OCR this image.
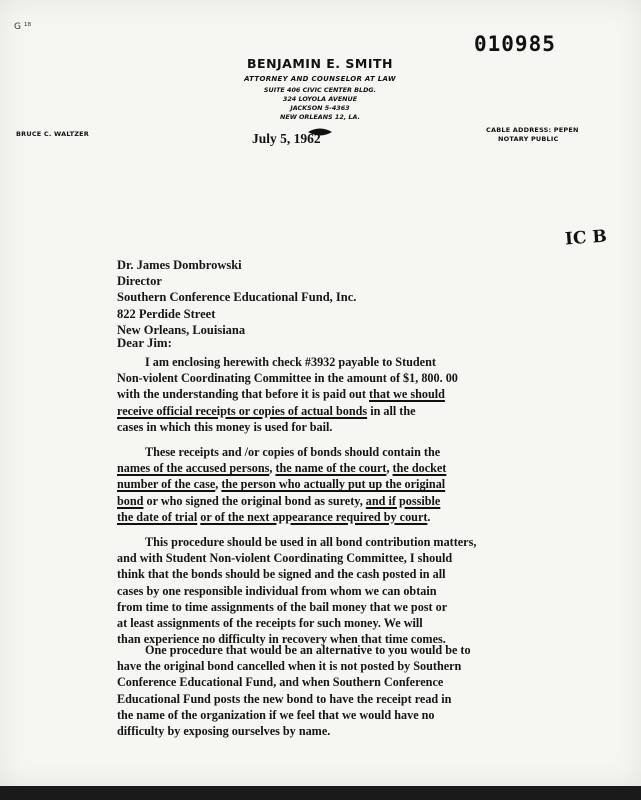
G ¹⁸
010985
BENJAMIN E. SMITH
ATTORNEY AND COUNSELOR AT LAW
SUITE 406 CIVIC CENTER BLDG.
324 LOYOLA AVENUE
JACKSON 5-4363
NEW ORLEANS 12, LA.
BRUCE C. WALTZER	CABLE ADDRESS: PEPEN
NOTARY PUBLIC
July 5, 1962
IC B
Dr. James Dombrowski
Director
Southern Conference Educational Fund, Inc.
822 Perdide Street
New Orleans, Louisiana
Dear Jim:
I am enclosing herewith check #3932 payable to Student
Non-violent Coordinating Committee in the amount of $1, 800. 00
with the understanding that before it is paid out that we should
receive official receipts or copies of actual bonds in all the
cases in which this money is used for bail.
These receipts and /or copies of bonds should contain the
names of the accused persons, the name of the court, the docket
number of the case, the person who actually put up the original
bond or who signed the original bond as surety, and if possible
the date of trial or of the next appearance required by court.
This procedure should be used in all bond contribution matters,
and with Student Non-violent Coordinating Committee, I should
think that the bonds should be signed and the cash posted in all
cases by one responsible individual from whom we can obtain
from time to time assignments of the bail money that we post or
at least assignments of the receipts for such money. We will
than experience no difficulty in recovery when that time comes.
One procedure that would be an alternative to you would be to
have the original bond cancelled when it is not posted by Southern
Conference Educational Fund, and when Southern Conference
Educational Fund posts the new bond to have the receipt read in
the name of the organization if we feel that we would have no
difficulty by exposing ourselves by name.
